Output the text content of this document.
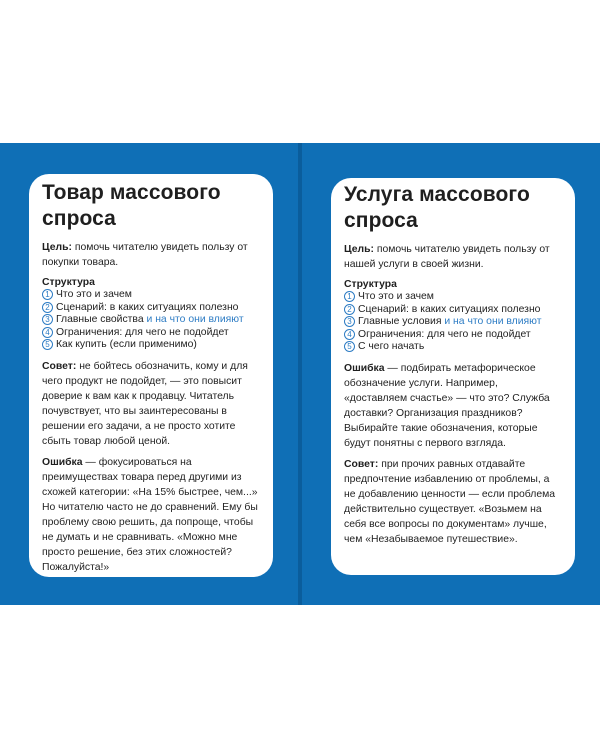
Товар массового спроса

Цель: помочь читателю увидеть пользу от покупки товара.

Структура
1 Что это и зачем
2 Сценарий: в каких ситуациях полезно
3 Главные свойства и на что они влияют
4 Ограничения: для чего не подойдет
5 Как купить (если применимо)

Совет: не бойтесь обозначить, кому и для чего продукт не подойдет, — это повысит доверие к вам как к продавцу. Читатель почувствует, что вы заинтересованы в решении его задачи, а не просто хотите сбыть товар любой ценой.

Ошибка — фокусироваться на преимуществах товара перед другими из схожей категории: «На 15% быстрее, чем...» Но читателю часто не до сравнений. Ему бы проблему свою решить, да попроще, чтобы не думать и не сравнивать. «Можно мне просто решение, без этих сложностей? Пожалуйста!»

Услуга массового спроса

Цель: помочь читателю увидеть пользу от нашей услуги в своей жизни.

Структура
1 Что это и зачем
2 Сценарий: в каких ситуациях полезно
3 Главные условия и на что они влияют
4 Ограничения: для чего не подойдет
5 С чего начать

Ошибка — подбирать метафорическое обозначение услуги. Например, «доставляем счастье» — что это? Служба доставки? Организация праздников? Выбирайте такие обозначения, которые будут понятны с первого взгляда.

Совет: при прочих равных отдавайте предпочтение избавлению от проблемы, а не добавлению ценности — если проблема действительно существует. «Возьмем на себя все вопросы по документам» лучше, чем «Незабываемое путешествие».
